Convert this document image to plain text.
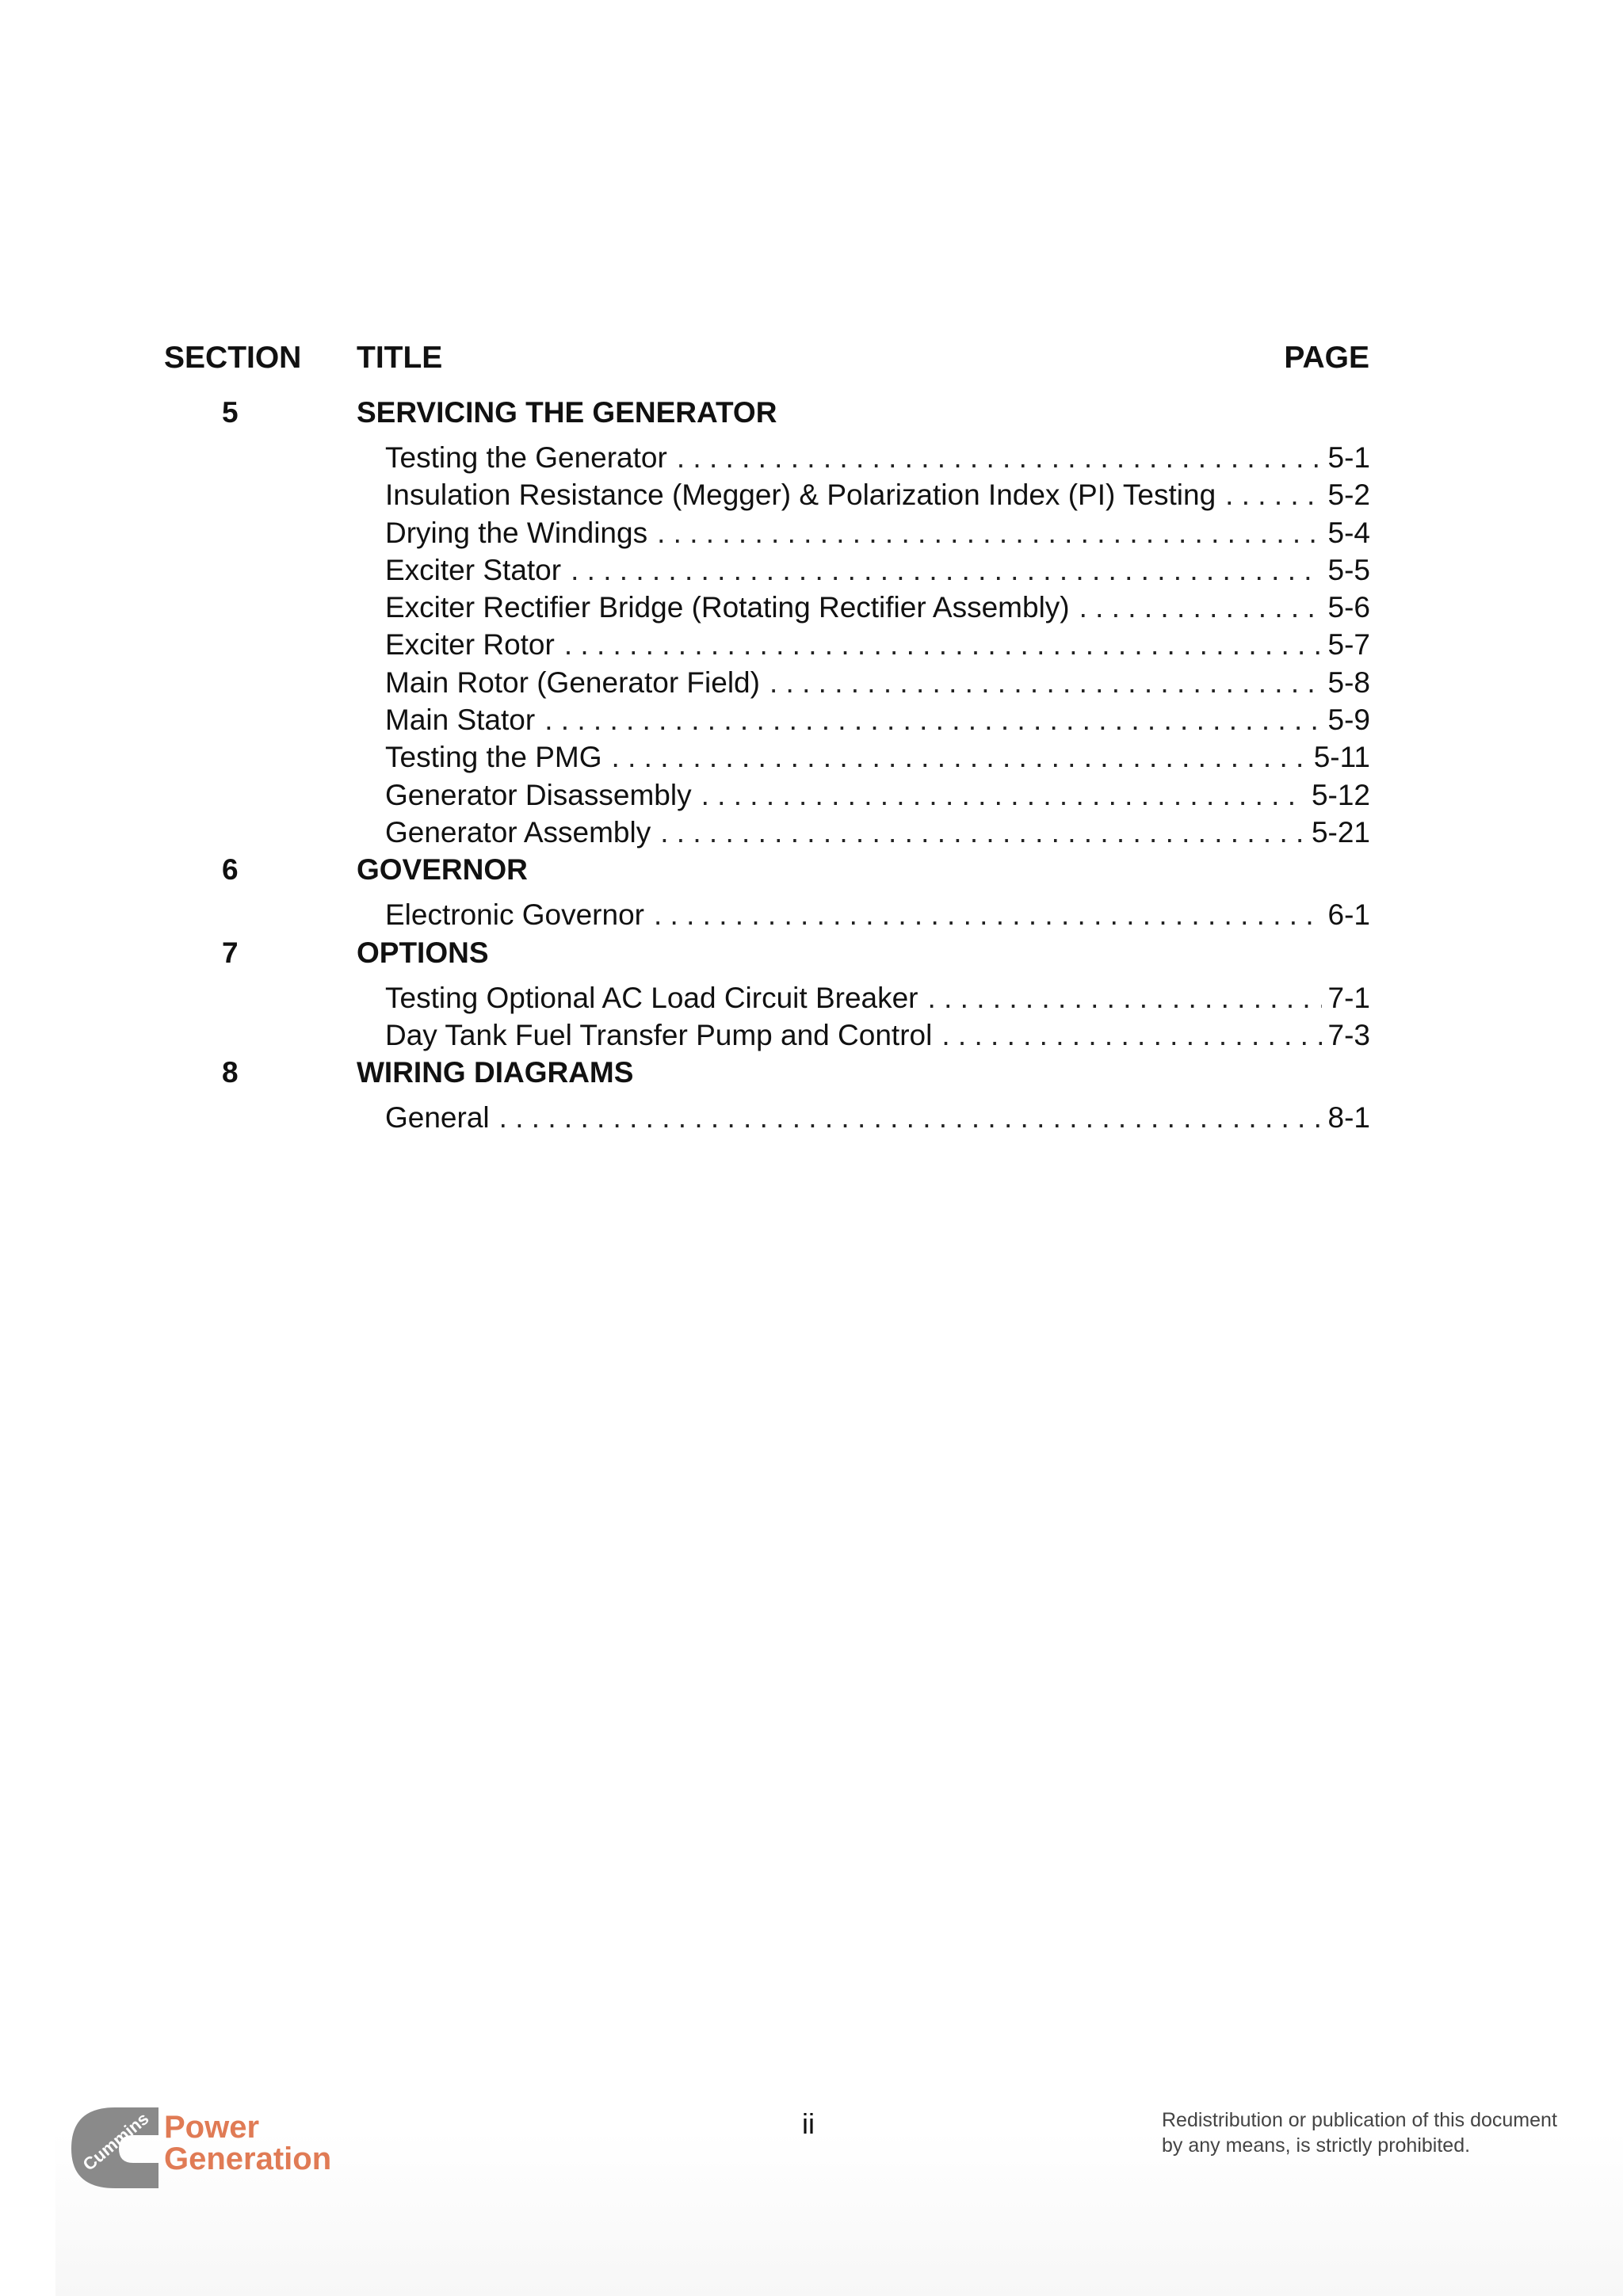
SECTION TITLE	PAGE
5	SERVICING THE GENERATOR
Testing the Generator . . .	5-1
Insulation Resistance (Megger) & Polarization Index (PI) Testing . . .	5-2
Drying the Windings . . .	5-4
Exciter Stator . . .	5-5
Exciter Rectifier Bridge (Rotating Rectifier Assembly) . . .	5-6
Exciter Rotor . . .	5-7
Main Rotor (Generator Field) . . .	5-8
Main Stator . . .	5-9
Testing the PMG . . .	5-11
Generator Disassembly . . .	5-12
Generator Assembly . . .	5-21
6	GOVERNOR
Electronic Governor . . .	6-1
7	OPTIONS
Testing Optional AC Load Circuit Breaker . . .	7-1
Day Tank Fuel Transfer Pump and Control . . .	7-3
8	WIRING DIAGRAMS
General . . .	8-1
Cummins Power
Generation
ii	Redistribution or publication of this document
by any means, is strictly prohibited.
